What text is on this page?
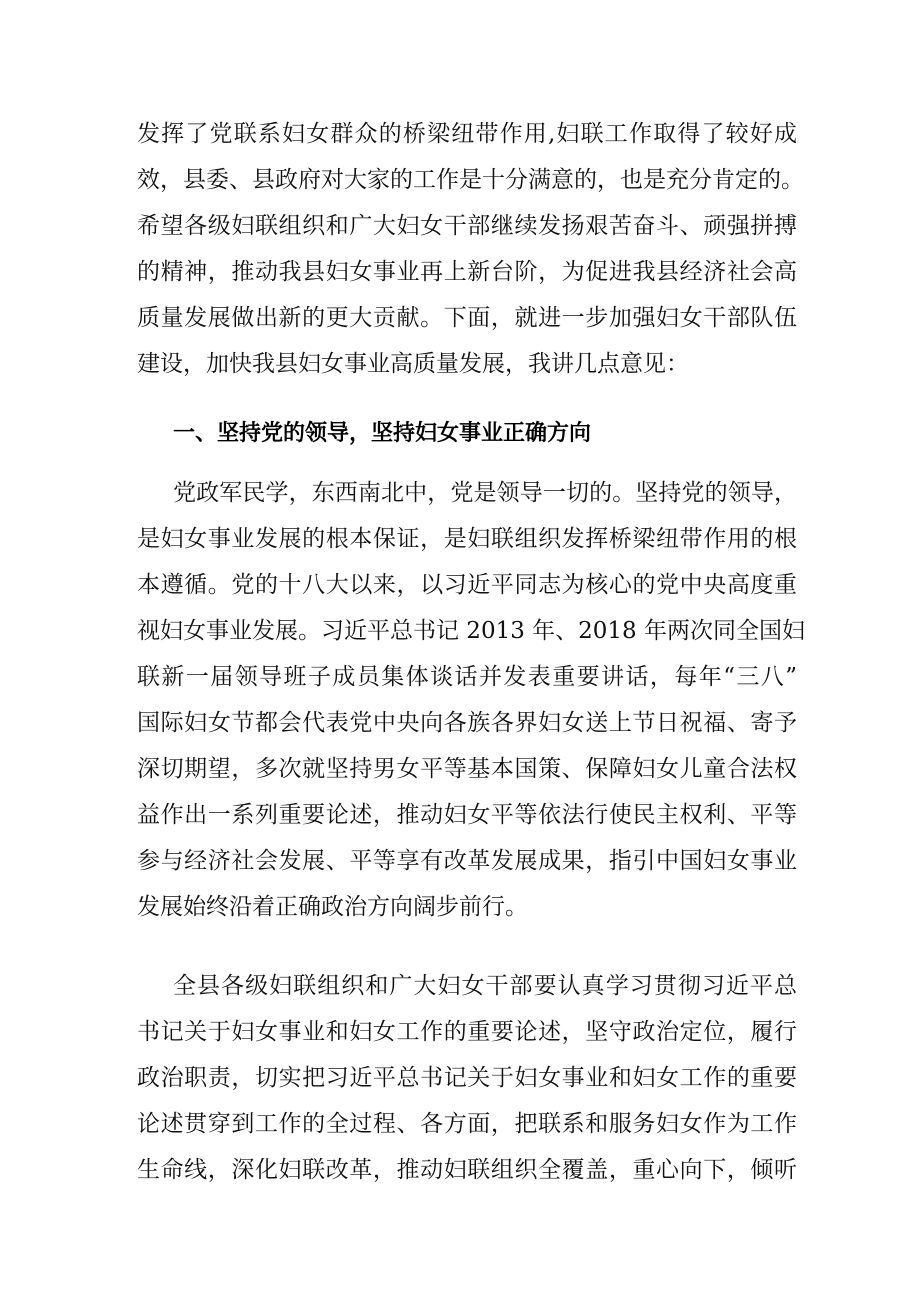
发挥了党联系妇女群众的桥梁纽带作用,妇联工作取得了较好成
效，县委、县政府对大家的工作是十分满意的，也是充分肯定的。
希望各级妇联组织和广大妇女干部继续发扬艰苦奋斗、顽强拼搏
的精神，推动我县妇女事业再上新台阶，为促进我县经济社会高
质量发展做出新的更大贡献。下面，就进一步加强妇女干部队伍
建设，加快我县妇女事业高质量发展，我讲几点意见：
一、坚持党的领导，坚持妇女事业正确方向
党政军民学，东西南北中，党是领导一切的。坚持党的领导，
是妇女事业发展的根本保证，是妇联组织发挥桥梁纽带作用的根
本遵循。党的十八大以来，以习近平同志为核心的党中央高度重
视妇女事业发展。习近平总书记 2013 年、2018 年两次同全国妇
联新一届领导班子成员集体谈话并发表重要讲话，每年“三八”
国际妇女节都会代表党中央向各族各界妇女送上节日祝福、寄予
深切期望，多次就坚持男女平等基本国策、保障妇女儿童合法权
益作出一系列重要论述，推动妇女平等依法行使民主权利、平等
参与经济社会发展、平等享有改革发展成果，指引中国妇女事业
发展始终沿着正确政治方向阔步前行。
全县各级妇联组织和广大妇女干部要认真学习贯彻习近平总
书记关于妇女事业和妇女工作的重要论述，坚守政治定位，履行
政治职责，切实把习近平总书记关于妇女事业和妇女工作的重要
论述贯穿到工作的全过程、各方面，把联系和服务妇女作为工作
生命线，深化妇联改革，推动妇联组织全覆盖，重心向下，倾听
